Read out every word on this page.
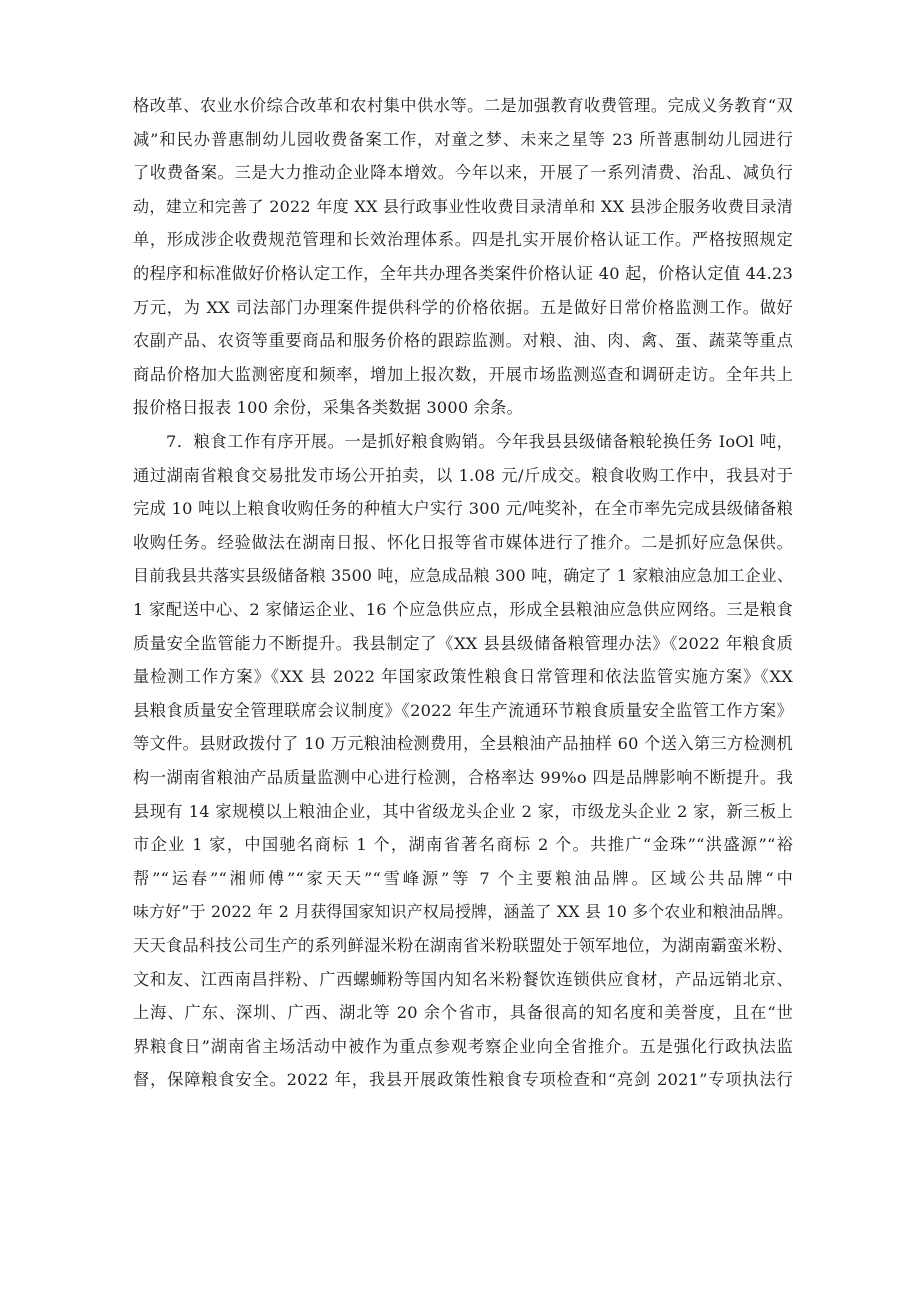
格改革、农业水价综合改革和农村集中供水等。二是加强教育收费管理。完成义务教育“双
减”和民办普惠制幼儿园收费备案工作，对童之梦、未来之星等 23 所普惠制幼儿园进行
了收费备案。三是大力推动企业降本增效。今年以来，开展了一系列清费、治乱、减负行
动，建立和完善了 2022 年度 XX 县行政事业性收费目录清单和 XX 县涉企服务收费目录清
单，形成涉企收费规范管理和长效治理体系。四是扎实开展价格认证工作。严格按照规定
的程序和标准做好价格认定工作，全年共办理各类案件价格认证 40 起，价格认定值 44.23
万元，为 XX 司法部门办理案件提供科学的价格依据。五是做好日常价格监测工作。做好
农副产品、农资等重要商品和服务价格的跟踪监测。对粮、油、肉、禽、蛋、蔬菜等重点
商品价格加大监测密度和频率，增加上报次数，开展市场监测巡查和调研走访。全年共上
报价格日报表 100 余份，采集各类数据 3000 余条。
7．粮食工作有序开展。一是抓好粮食购销。今年我县县级储备粮轮换任务 IoOl 吨，
通过湖南省粮食交易批发市场公开拍卖，以 1.08 元/斤成交。粮食收购工作中，我县对于
完成 10 吨以上粮食收购任务的种植大户实行 300 元/吨奖补，在全市率先完成县级储备粮
收购任务。经验做法在湖南日报、怀化日报等省市媒体进行了推介。二是抓好应急保供。
目前我县共落实县级储备粮 3500 吨，应急成品粮 300 吨，确定了 1 家粮油应急加工企业、
1 家配送中心、2 家储运企业、16 个应急供应点，形成全县粮油应急供应网络。三是粮食
质量安全监管能力不断提升。我县制定了《XX 县县级储备粮管理办法》《2022 年粮食质
量检测工作方案》《XX 县 2022 年国家政策性粮食日常管理和依法监管实施方案》《XX
县粮食质量安全管理联席会议制度》《2022 年生产流通环节粮食质量安全监管工作方案》
等文件。县财政拨付了 10 万元粮油检测费用，全县粮油产品抽样 60 个送入第三方检测机
构一湖南省粮油产品质量监测中心进行检测，合格率达 99%o 四是品牌影响不断提升。我
县现有 14 家规模以上粮油企业，其中省级龙头企业 2 家，市级龙头企业 2 家，新三板上
市企业 1 家，中国驰名商标 1 个，湖南省著名商标 2 个。共推广“金珠”“洪盛源”“裕
帮”“运春”“湘师傅”“家天天”“雪峰源”等 7 个主要粮油品牌。区域公共品牌“中
味方好”于 2022 年 2 月获得国家知识产权局授牌，涵盖了 XX 县 10 多个农业和粮油品牌。
天天食品科技公司生产的系列鲜湿米粉在湖南省米粉联盟处于领军地位，为湖南霸蛮米粉、
文和友、江西南昌拌粉、广西螺蛳粉等国内知名米粉餐饮连锁供应食材，产品远销北京、
上海、广东、深圳、广西、湖北等 20 余个省市，具备很高的知名度和美誉度，且在“世
界粮食日”湖南省主场活动中被作为重点参观考察企业向全省推介。五是强化行政执法监
督，保障粮食安全。2022 年，我县开展政策性粮食专项检查和“亮剑 2021”专项执法行
